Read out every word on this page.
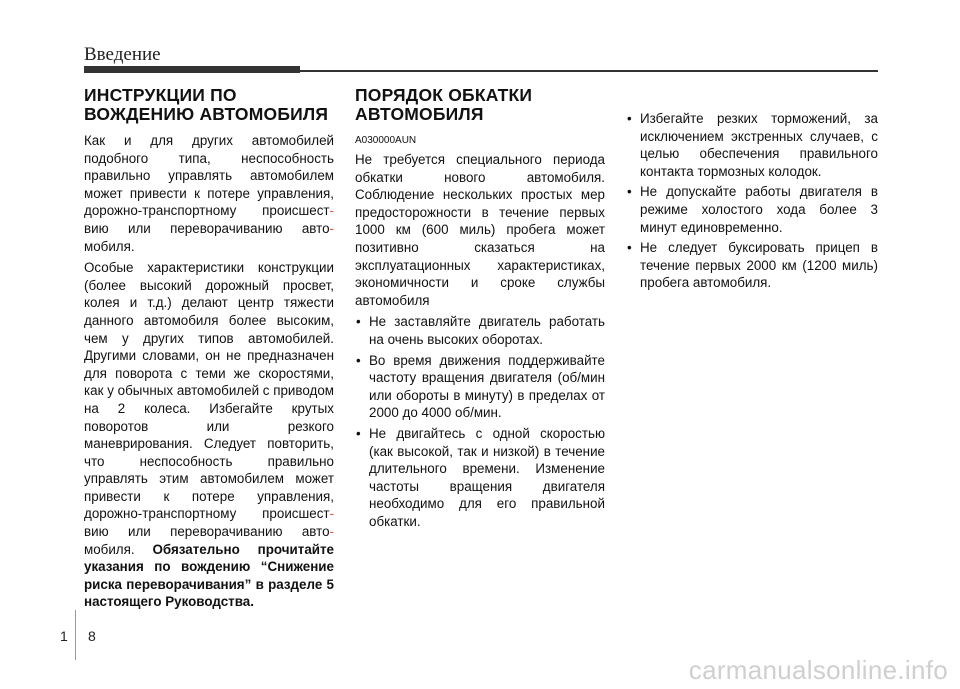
Введение
ИНСТРУКЦИИ ПО
ВОЖДЕНИЮ АВТОМОБИЛЯ

Как и для других автомобилей подобного типа, неспособность правильно управлять автомобилем может привести к потере управления, дорожно-транспортному происшест- вию или переворачиванию авто- мобиля.

Особые характеристики конструкции (более высокий дорожный просвет, колея и т.д.) делают центр тяжести данного автомобиля более высоким, чем у других типов автомобилей. Другими словами, он не предназначен для поворота с теми же скоростями, как у обычных автомобилей с приводом на 2 колеса. Избегайте крутых поворотов или резкого маневрирования. Следует повторить, что неспособность правильно управлять этим автомобилем может привести к потере управления, дорожно-транспортному происшест- вию или переворачиванию авто- мобиля. Обязательно прочитайте указания по вождению “Снижение риска переворачивания” в разделе 5 настоящего Руководства.

ПОРЯДОК ОБКАТКИ АВТОМОБИЛЯ
A030000AUN

Не требуется специального периода обкатки нового автомобиля. Соблюдение нескольких простых мер предосторожности в течение первых 1000 км (600 миль) пробега может позитивно сказаться на эксплуатационных характеристиках, экономичности и сроке службы автомобиля

• Не заставляйте двигатель работать на очень высоких оборотах.
• Во время движения поддерживайте частоту вращения двигателя (об/мин или обороты в минуту) в пределах от 2000 до 4000 об/мин.
• Не двигайтесь с одной скоростью (как высокой, так и низкой) в течение длительного времени. Изменение частоты вращения двигателя необходимо для его правильной обкатки.
• Избегайте резких торможений, за исключением экстренных случаев, с целью обеспечения правильного контакта тормозных колодок.
• Не допускайте работы двигателя в режиме холостого хода более 3 минут единовременно.
• Не следует буксировать прицеп в течение первых 2000 км (1200 миль) пробега автомобиля.
1 8
carmanualsonline.info
